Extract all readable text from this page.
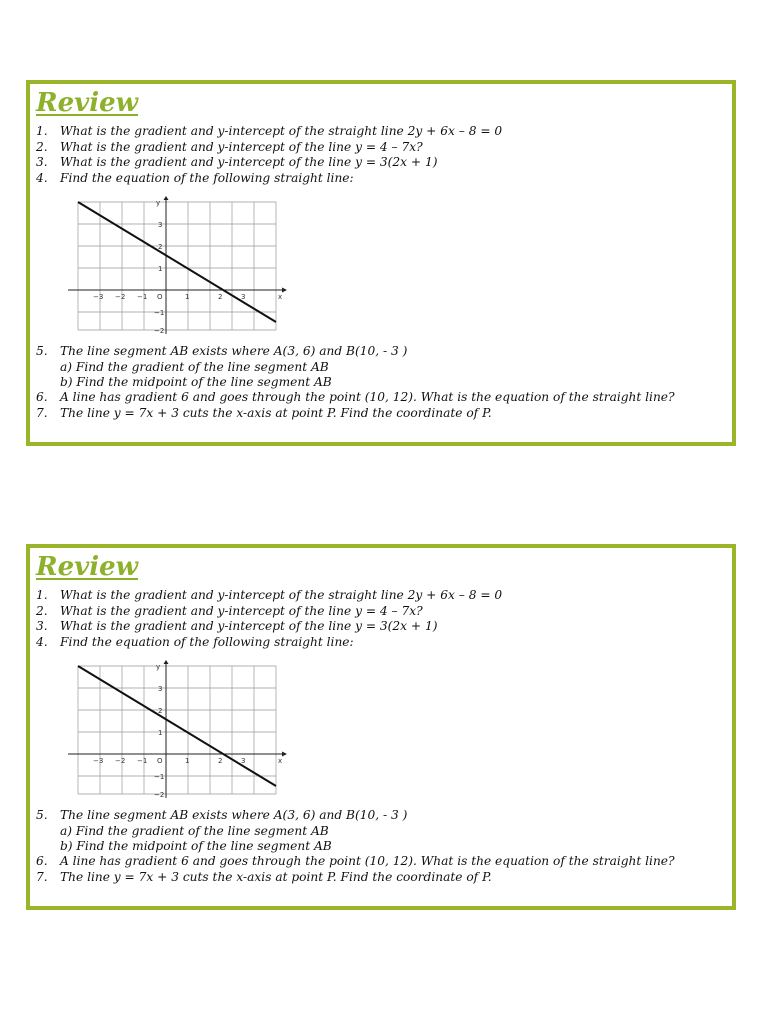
Review
1. What is the gradient and y-intercept of the straight line 2y + 6x – 8 = 0
2. What is the gradient and y-intercept of the line y = 4 – 7x?
3. What is the gradient and y-intercept of the line y = 3(2x + 1)
4. Find the equation of the following straight line:
−3 −2 −1 O	1	2	3	x
y
3
2
1
−1
−2
5. The line segment AB exists where A(3, 6) and B(10, - 3 )
a) Find the gradient of the line segment AB
b) Find the midpoint of the line segment AB
6. A line has gradient 6 and goes through the point (10, 12). What is the equation of the straight line?
7. The line y = 7x + 3 cuts the x-axis at point P. Find the coordinate of P.
Review
1. What is the gradient and y-intercept of the straight line 2y + 6x – 8 = 0
2. What is the gradient and y-intercept of the line y = 4 – 7x?
3. What is the gradient and y-intercept of the line y = 3(2x + 1)
4. Find the equation of the following straight line:
−3 −2 −1 O	1	2	3	x
y
3
2
1
−1
−2
5. The line segment AB exists where A(3, 6) and B(10, - 3 )
a) Find the gradient of the line segment AB
b) Find the midpoint of the line segment AB
6. A line has gradient 6 and goes through the point (10, 12). What is the equation of the straight line?
7. The line y = 7x + 3 cuts the x-axis at point P. Find the coordinate of P.
